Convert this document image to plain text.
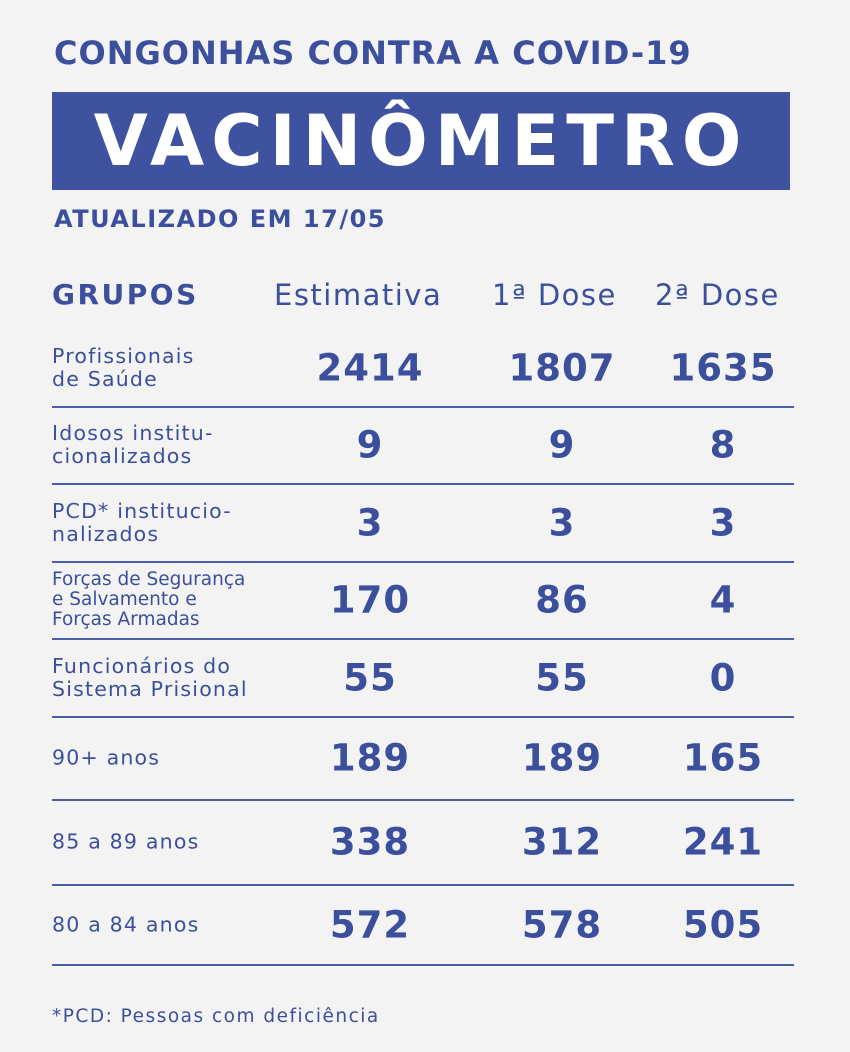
CONGONHAS CONTRA A COVID-19
VACINÔMETRO
ATUALIZADO EM 17/05
GRUPOS	Estimativa 1ª Dose 2ª Dose
Profissionais
de Saúde	2414 1807 1635
Idosos institu-
cionalizados	9	9	8
PCD* institucio-
nalizados	3	3	3
Forças de Segurança
e Salvamento e
Forças Armadas	170	86	4
Funcionários do
Sistema Prisional	55	55	0
90+ anos	189	189 165
85 a 89 anos	338	312 241
80 a 84 anos	572	578 505
*PCD: Pessoas com deficiência
